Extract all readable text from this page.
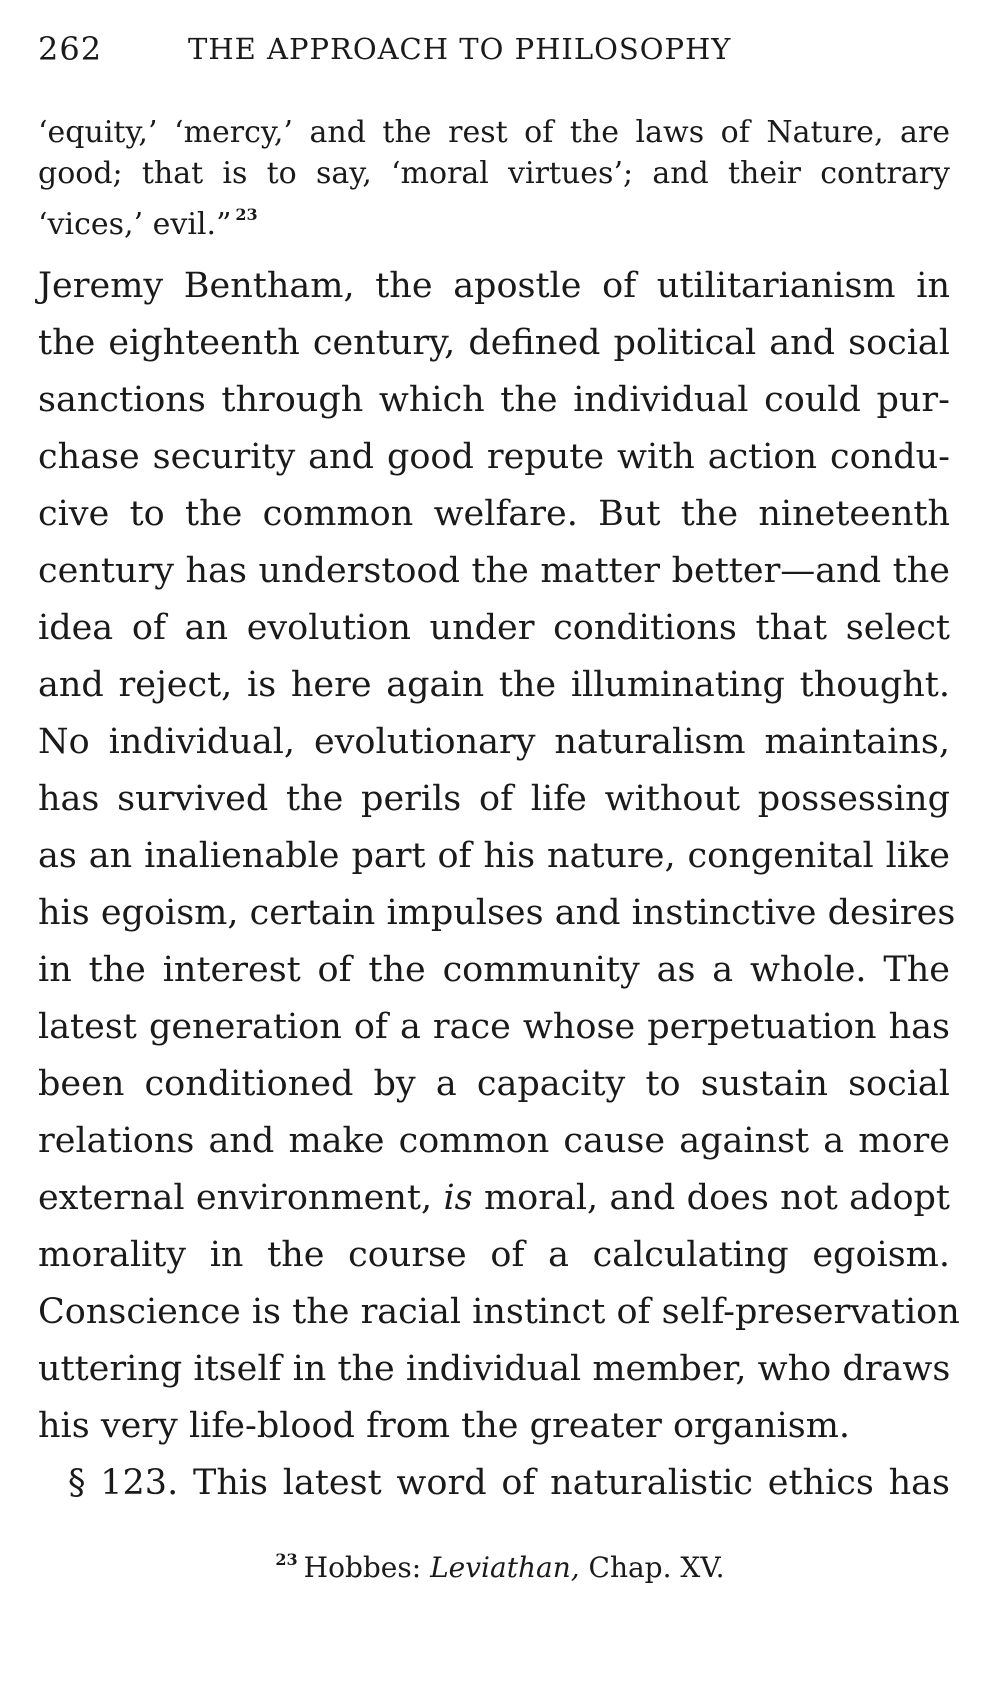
262	THE APPROACH TO PHILOSOPHY
‘equity,’ ‘mercy,’ and the rest of the laws of Nature, are
good; that is to say, ‘moral virtues’; and their contrary
‘vices,’ evil.” $^{23}$
Jeremy Bentham, the apostle of utilitarianism in
the eighteenth century, defined political and social
sanctions through which the individual could pur-
chase security and good repute with action condu-
cive to the common welfare. But the nineteenth
century has understood the matter better—and the
idea of an evolution under conditions that select
and reject, is here again the illuminating thought.
No individual, evolutionary naturalism maintains,
has survived the perils of life without possessing
as an inalienable part of his nature, congenital like
his egoism, certain impulses and instinctive desires
in the interest of the community as a whole. The
latest generation of a race whose perpetuation has
been conditioned by a capacity to sustain social
relations and make common cause against a more
external environment, is moral, and does not adopt
morality in the course of a calculating egoism.
Conscience is the racial instinct of self-preservation
uttering itself in the individual member, who draws
his very life-blood from the greater organism.
§ 123. This latest word of naturalistic ethics has
$^{23}$ Hobbes: Leviathan, Chap. XV.
